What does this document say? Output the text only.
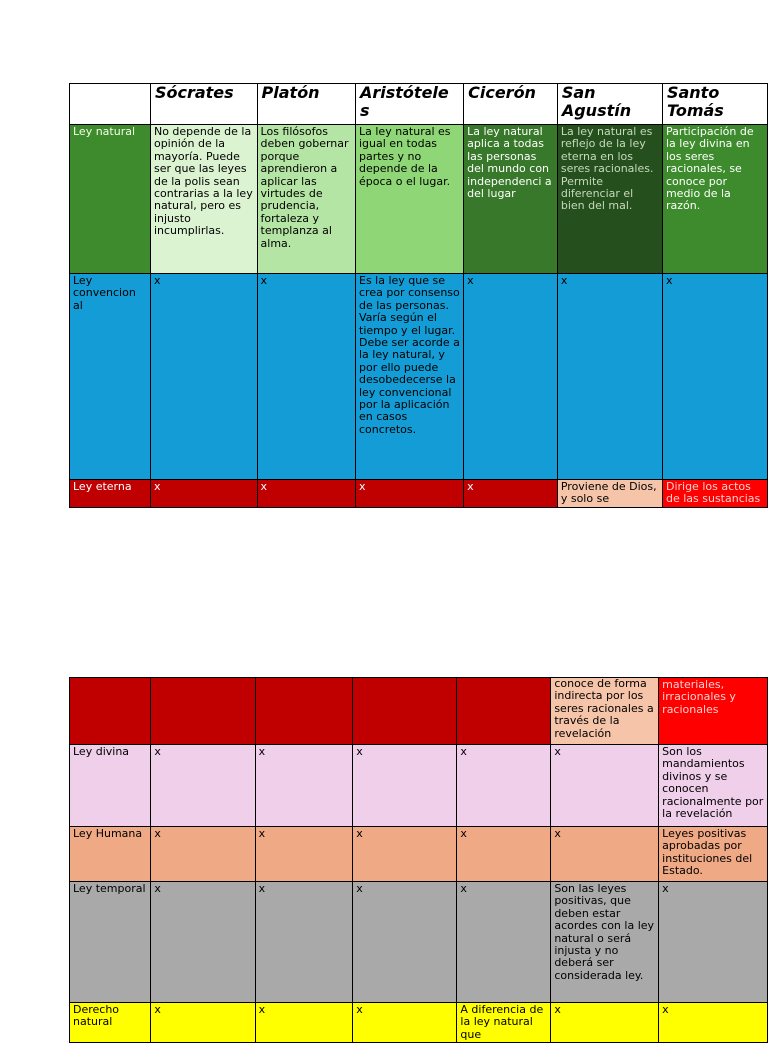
	Sócrates	Platón	Aristótele s	Cicerón	San Agustín	Santo Tomás
Ley natural	No depende de la opinión de la mayoría. Puede ser que las leyes de la polis sean contrarias a la ley natural, pero es injusto incumplirlas.	Los filósofos deben gobernar porque aprendieron a aplicar las virtudes de prudencia, fortaleza y templanza al alma.	La ley natural es igual en todas partes y no depende de la época o el lugar.	La ley natural aplica a todas las personas del mundo con independenci a del lugar	La ley natural es reflejo de la ley eterna en los seres racionales. Permite diferenciar el bien del mal.	Participación de la ley divina en los seres racionales, se conoce por medio de la razón.
Ley convencion al	x	x	Es la ley que se crea por consenso de las personas. Varía según el tiempo y el lugar. Debe ser acorde a la ley natural, y por ello puede desobedecerse la ley convencional por la aplicación en casos concretos.	x	x	x
Ley eterna	x	x	x	x	Proviene de Dios, y solo se	Dirige los actos de las sustancias
					conoce de forma indirecta por los seres racionales a través de la revelación	materiales, irracionales y racionales
Ley divina	x	x	x	x	x	Son los mandamientos divinos y se conocen racionalmente por la revelación
Ley Humana	x	x	x	x	x	Leyes positivas aprobadas por instituciones del Estado.
Ley temporal	x	x	x	x	Son las leyes positivas, que deben estar acordes con la ley natural o será injusta y no deberá ser considerada ley.	x
Derecho natural	x	x	x	A diferencia de la ley natural que	x	x
